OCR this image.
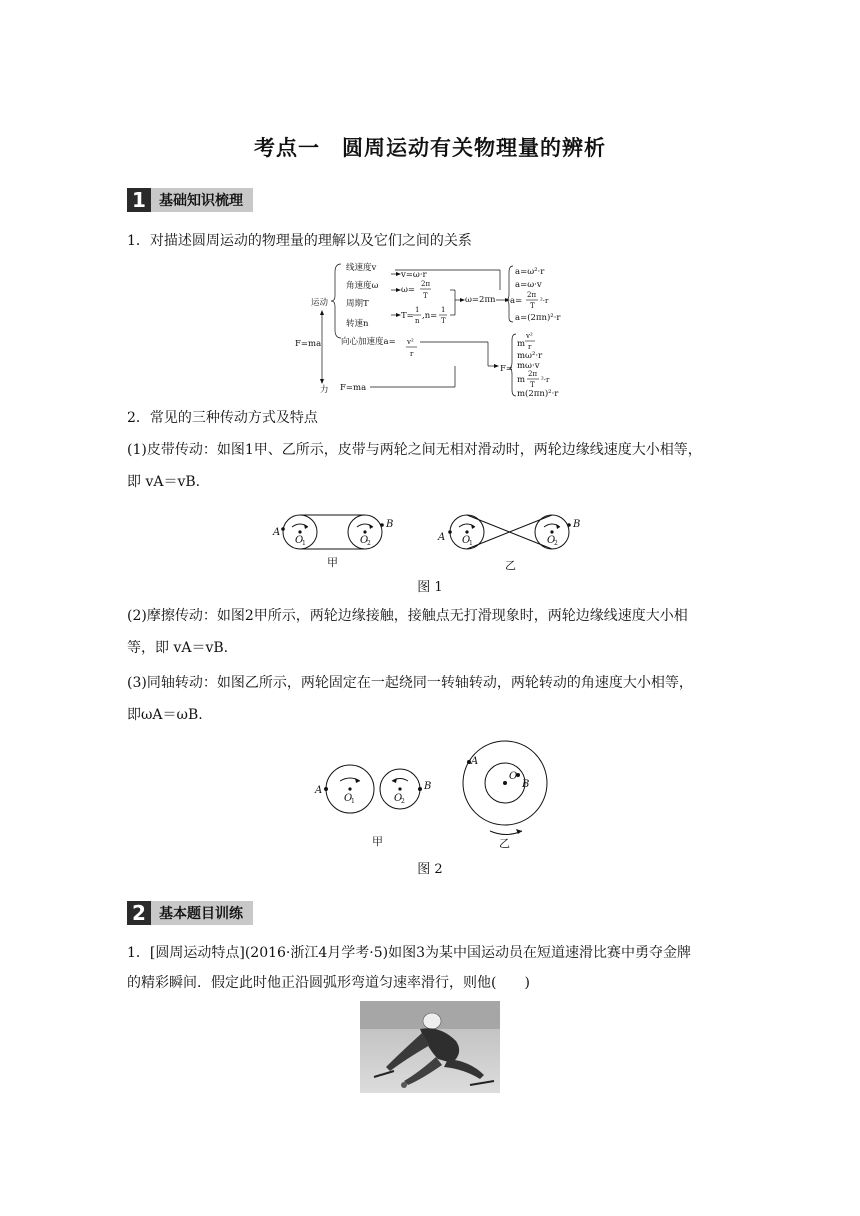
考点一　圆周运动有关物理量的辨析
1 基础知识梳理
1．对描述圆周运动的物理量的理解以及它们之间的关系
运动
F=ma
力
线速度v
角速度ω
周期T
转速n
向心加速度a= v²
r
v=ω·r
ω=
2π
T
T=
1
n ,n=
1
T
ω=2πn
a=ω²·r
a=ω·v
a=
2π
T
²·r
a=(2πn)²·r
F=
m
v²
r
mω²·r
mω·v
m
2π
T
²·r
m(2πn)²·r
F=ma
2．常见的三种传动方式及特点
(1)皮带传动：如图1甲、乙所示，皮带与两轮之间无相对滑动时，两轮边缘线速度大小相等，
即 vA＝vB.
A
B
O
1	O
2
A
B
O
1	O
2
甲	乙
图 1
(2)摩擦传动：如图2甲所示，两轮边缘接触，接触点无打滑现象时，两轮边缘线速度大小相
等，即 vA＝vB.
(3)同轴转动：如图乙所示，两轮固定在一起绕同一转轴转动，两轮转动的角速度大小相等，
即ωA＝ωB.
A	B
O
1	O
2
A
O
B
甲	乙
图 2
2 基本题目训练
1．[圆周运动特点](2016·浙江4月学考·5)如图3为某中国运动员在短道速滑比赛中勇夺金牌
的精彩瞬间．假定此时他正沿圆弧形弯道匀速率滑行，则他(　　)
